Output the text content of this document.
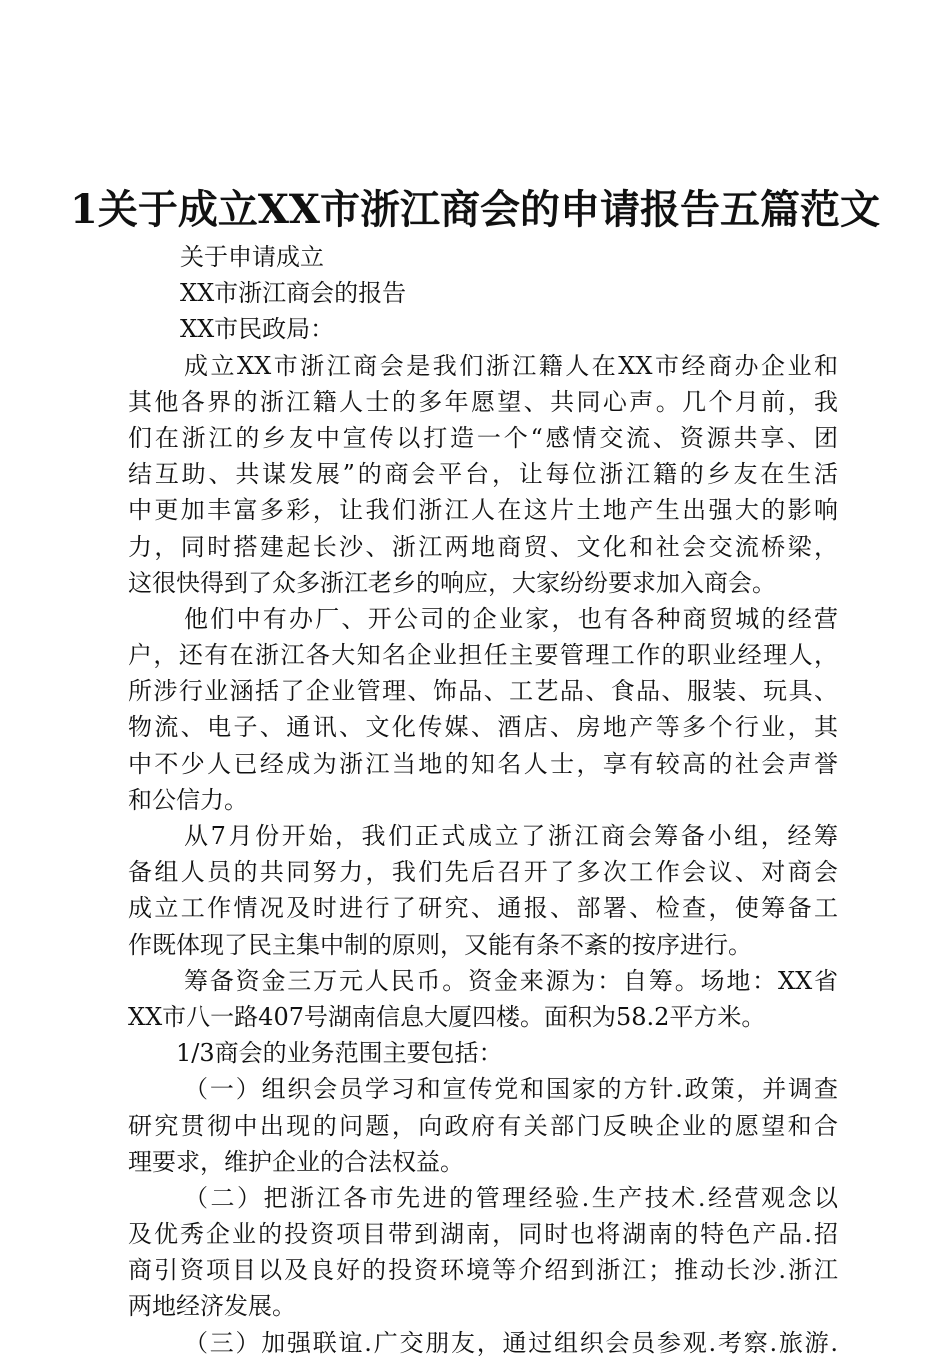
1关于成立XX市浙江商会的申请报告五篇范文
关于申请成立
XX市浙江商会的报告
XX市民政局：
成立XX市浙江商会是我们浙江籍人在XX市经商办企业和
其他各界的浙江籍人士的多年愿望、共同心声。几个月前，我
们在浙江的乡友中宣传以打造一个“感情交流、资源共享、团
结互助、共谋发展”的商会平台，让每位浙江籍的乡友在生活
中更加丰富多彩，让我们浙江人在这片土地产生出强大的影响
力，同时搭建起长沙、浙江两地商贸、文化和社会交流桥梁，
这很快得到了众多浙江老乡的响应，大家纷纷要求加入商会。
他们中有办厂、开公司的企业家，也有各种商贸城的经营
户，还有在浙江各大知名企业担任主要管理工作的职业经理人，
所涉行业涵括了企业管理、饰品、工艺品、食品、服装、玩具、
物流、电子、通讯、文化传媒、酒店、房地产等多个行业，其
中不少人已经成为浙江当地的知名人士，享有较高的社会声誉
和公信力。
从7月份开始，我们正式成立了浙江商会筹备小组，经筹
备组人员的共同努力，我们先后召开了多次工作会议、对商会
成立工作情况及时进行了研究、通报、部署、检查，使筹备工
作既体现了民主集中制的原则，又能有条不紊的按序进行。
筹备资金三万元人民币。资金来源为：自筹。场地：XX省
XX市八一路407号湖南信息大厦四楼。面积为58.2平方米。
1/3商会的业务范围主要包括：
（一）组织会员学习和宣传党和国家的方针.政策，并调查
研究贯彻中出现的问题，向政府有关部门反映企业的愿望和合
理要求，维护企业的合法权益。
（二）把浙江各市先进的管理经验.生产技术.经营观念以
及优秀企业的投资项目带到湖南，同时也将湖南的特色产品.招
商引资项目以及良好的投资环境等介绍到浙江；推动长沙.浙江
两地经济发展。
（三）加强联谊.广交朋友，通过组织会员参观.考察.旅游.
